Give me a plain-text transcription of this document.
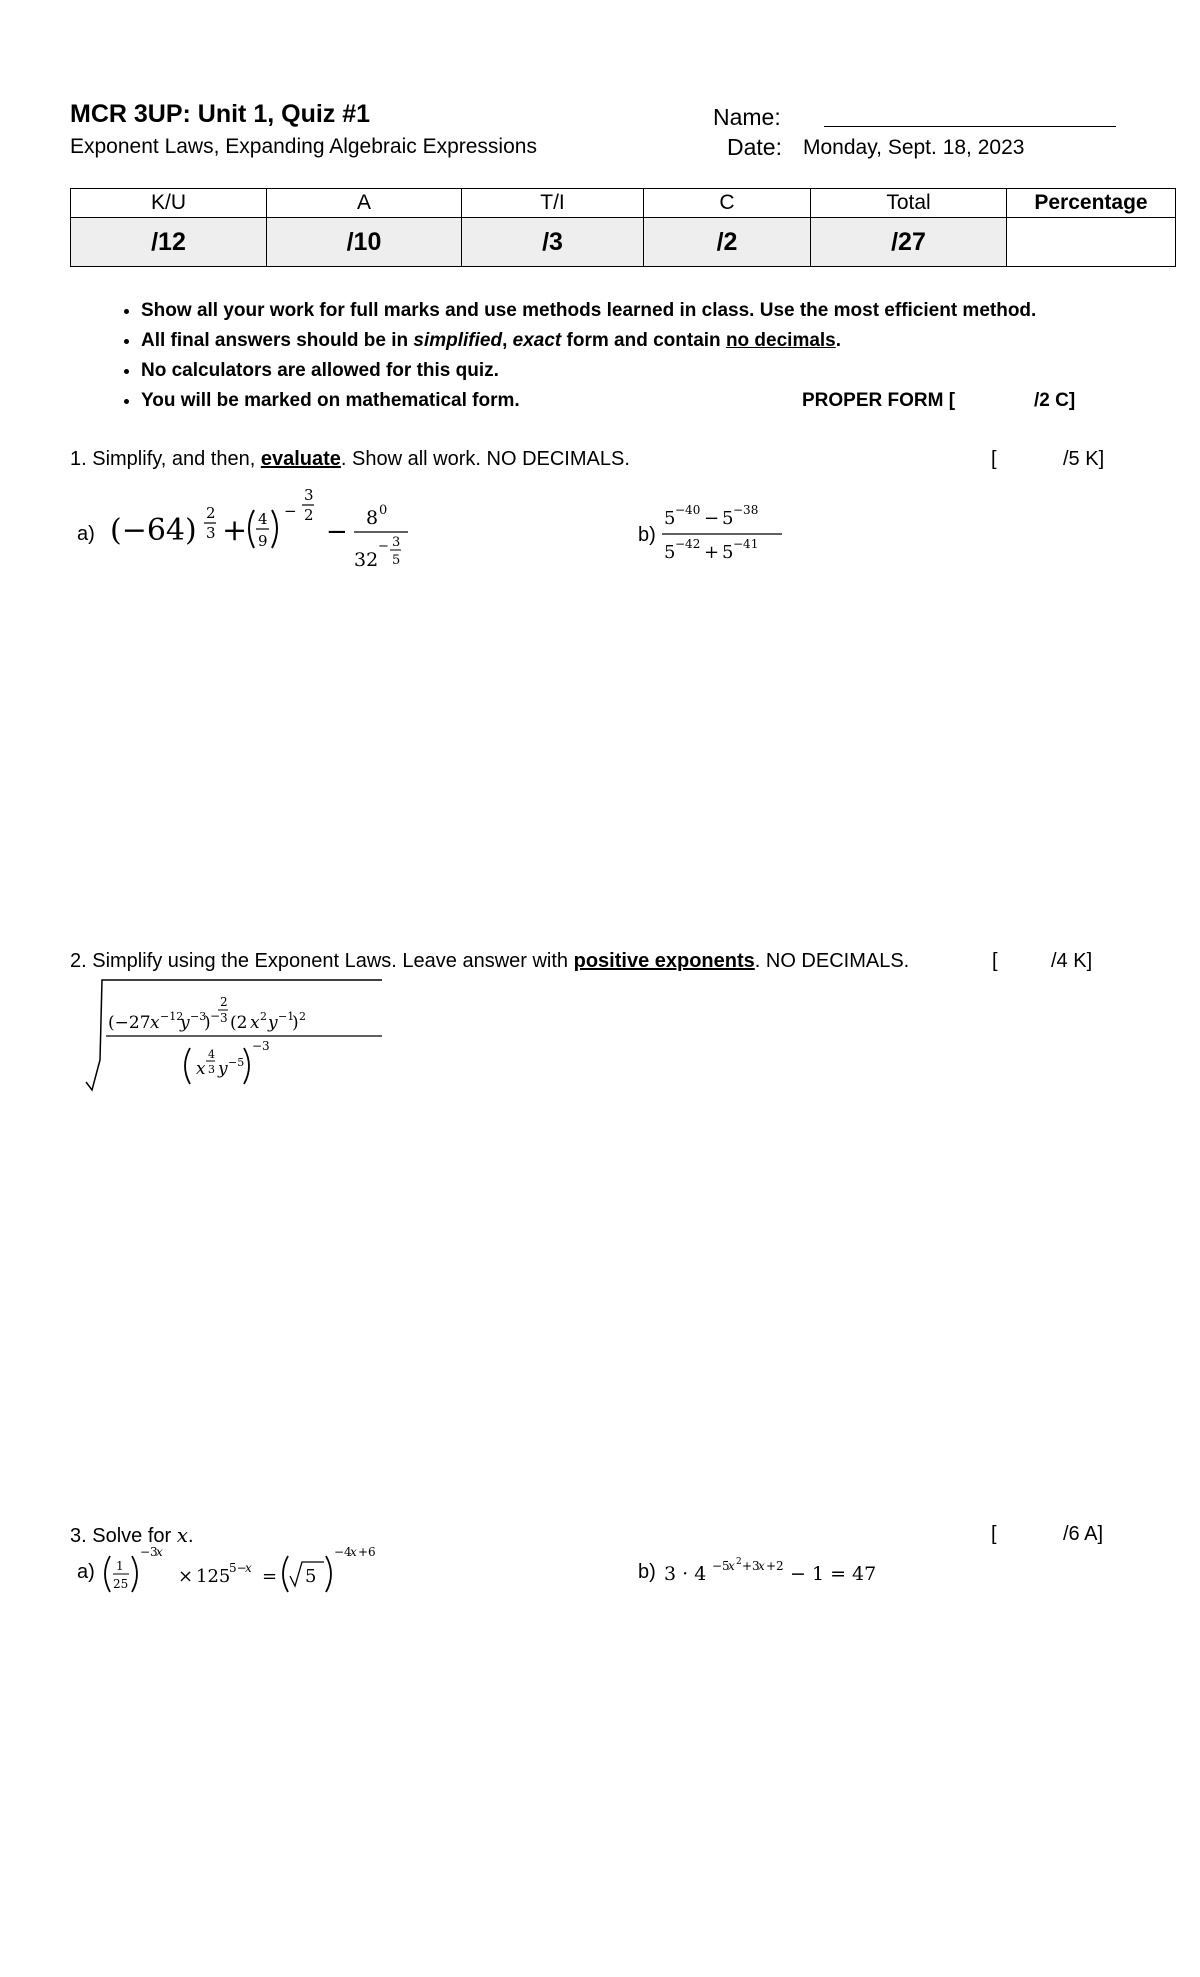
MCR 3UP: Unit 1, Quiz #1
Exponent Laws, Expanding Algebraic Expressions
Name:
Date: Monday, Sept. 18, 2023
K/U	A	T/I	C	Total	Percentage
/12	/10	/3	/2	/27	
• Show all your work for full marks and use methods learned in class. Use the most efficient method.
• All final answers should be in simplified, exact form and contain no decimals.
• No calculators are allowed for this quiz.
• You will be marked on mathematical form.	PROPER FORM [	/2 C]
1. Simplify, and then, evaluate. Show all work. NO DECIMALS.	[	/5 K]
a) (−64) 2
3 + 4
9
−
3
2
− 8 0
32
− 3
5
b)
5 −40 − 5 −38
5 −42 + 5 −41
2. Simplify using the Exponent Laws. Leave answer with positive exponents. NO DECIMALS.	[	/4 K]
(−27 x −12
y −3
) −
2
3 (2 x 2 y −1
) 2
x
4
3 y −5
−3
3. Solve for x.	[	/6 A]
a) 1
25
−3
x
× 125
5−
x = 5
−4
x +6
b) 3 · 4 −5
x 2 +3
x +2 − 1 = 47
